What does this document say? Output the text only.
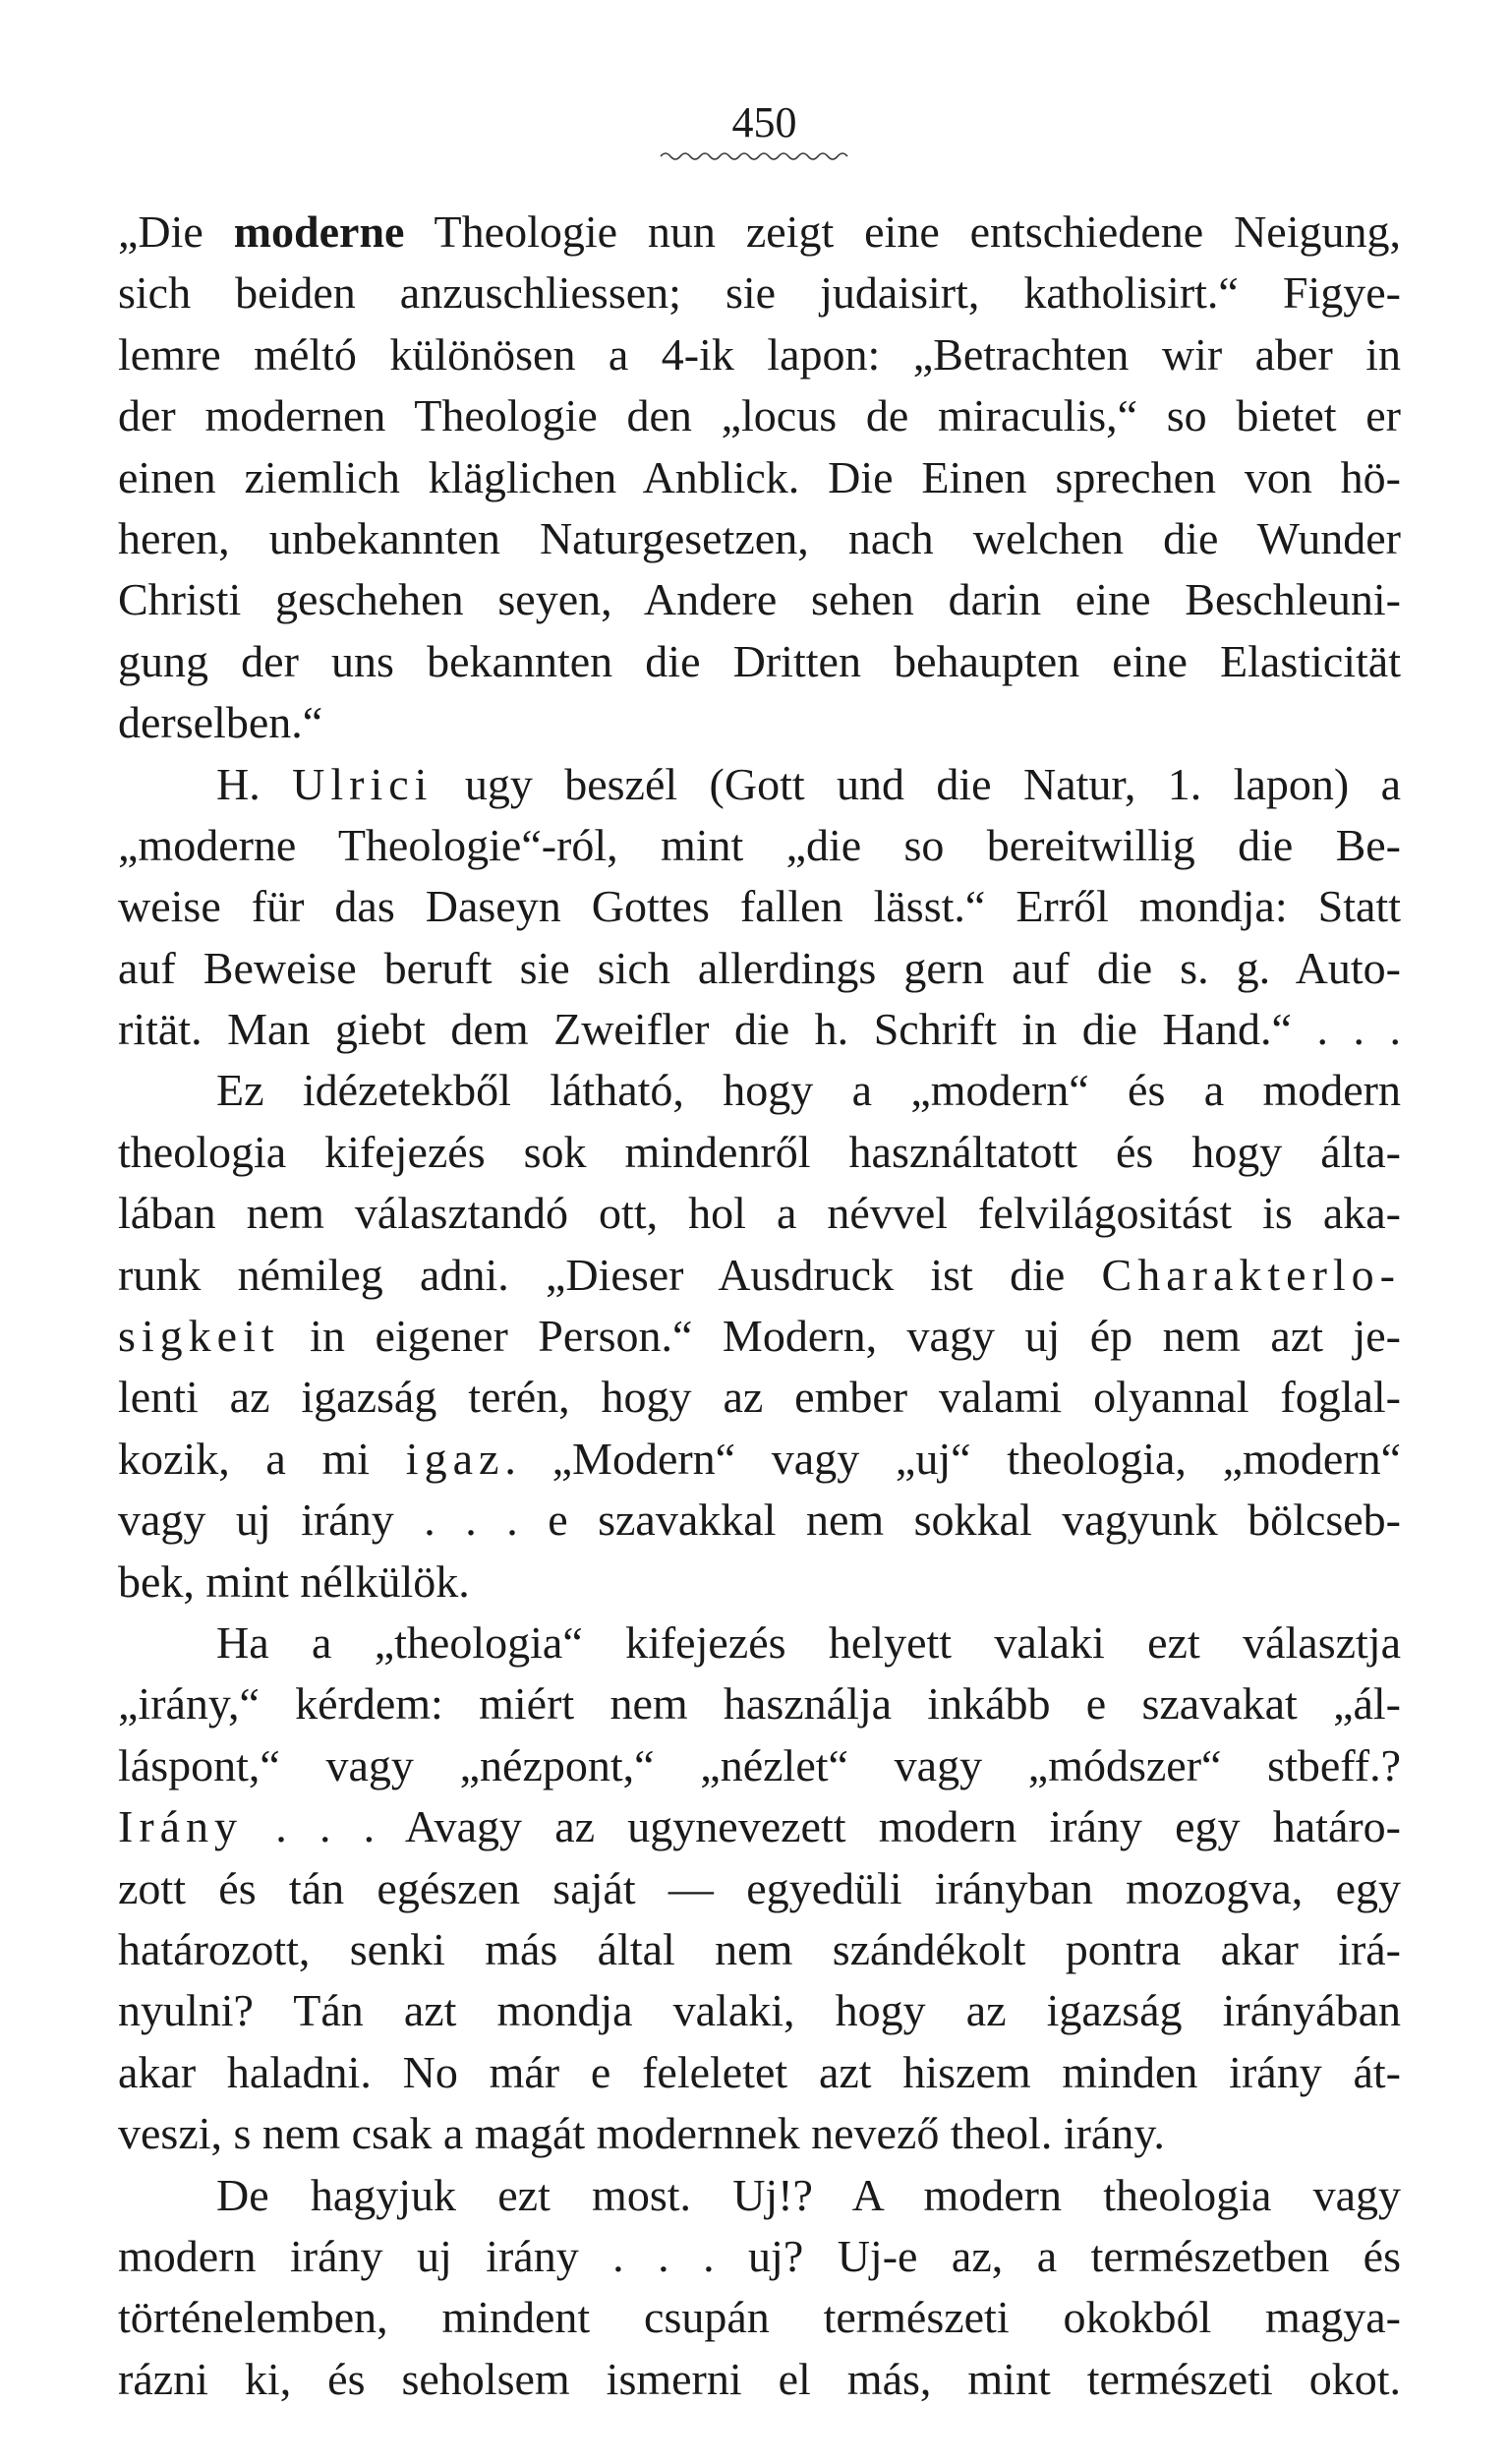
450
„Die moderne Theologie nun zeigt eine entschiedene Neigung,
sich beiden anzuschliessen; sie judaisirt, katholisirt.“ Figye-
lemre méltó különösen a 4-ik lapon: „Betrachten wir aber in
der modernen Theologie den „locus de miraculis,“ so bietet er
einen ziemlich kläglichen Anblick. Die Einen sprechen von hö-
heren, unbekannten Naturgesetzen, nach welchen die Wunder
Christi geschehen seyen, Andere sehen darin eine Beschleuni-
gung der uns bekannten die Dritten behaupten eine Elasticität
derselben.“
H. Ulrici ugy beszél (Gott und die Natur, 1. lapon) a
„moderne Theologie“-ról, mint „die so bereitwillig die Be-
weise für das Daseyn Gottes fallen lässt.“ Erről mondja: Statt
auf Beweise beruft sie sich allerdings gern auf die s. g. Auto-
rität. Man giebt dem Zweifler die h. Schrift in die Hand.“ . . .
Ez idézetekből látható, hogy a „modern“ és a modern
theologia kifejezés sok mindenről használtatott és hogy álta-
lában nem választandó ott, hol a névvel felvilágositást is aka-
runk némileg adni. „Dieser Ausdruck ist die Charakterlo-
sigkeit in eigener Person.“ Modern, vagy uj ép nem azt je-
lenti az igazság terén, hogy az ember valami olyannal foglal-
kozik, a mi igaz. „Modern“ vagy „uj“ theologia, „modern“
vagy uj irány . . . e szavakkal nem sokkal vagyunk bölcseb-
bek, mint nélkülök.
Ha a „theologia“ kifejezés helyett valaki ezt választja
„irány,“ kérdem: miért nem használja inkább e szavakat „ál-
láspont,“ vagy „nézpont,“ „nézlet“ vagy „módszer“ stbeff.?
Irány . . . Avagy az ugynevezett modern irány egy határo-
zott és tán egészen saját — egyedüli irányban mozogva, egy
határozott, senki más által nem szándékolt pontra akar irá-
nyulni? Tán azt mondja valaki, hogy az igazság irányában
akar haladni. No már e feleletet azt hiszem minden irány át-
veszi, s nem csak a magát modernnek nevező theol. irány.
De hagyjuk ezt most. Uj!? A modern theologia vagy
modern irány uj irány . . . uj? Uj-e az, a természetben és
történelemben, mindent csupán természeti okokból magya-
rázni ki, és seholsem ismerni el más, mint természeti okot.
